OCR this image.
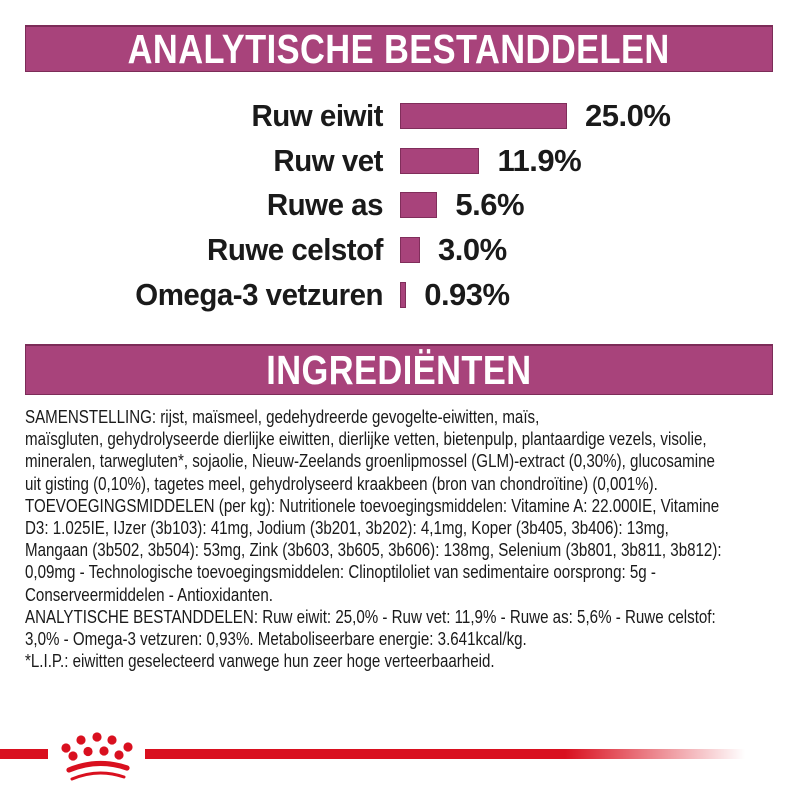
ANALYTISCHE BESTANDDELEN
Ruw eiwit	25.0%
Ruw vet	11.9%
Ruwe as 5.6%
Ruwe celstof 3.0%
Omega-3 vetzuren 0.93%
INGREDIËNTEN
SAMENSTELLING: rijst, maïsmeel, gedehydreerde gevogelte-eiwitten, maïs,
maïsgluten, gehydrolyseerde dierlijke eiwitten, dierlijke vetten, bietenpulp, plantaardige vezels, visolie,
mineralen, tarwegluten*, sojaolie, Nieuw-Zeelands groenlipmossel (GLM)-extract (0,30%), glucosamine
uit gisting (0,10%), tagetes meel, gehydrolyseerd kraakbeen (bron van chondroïtine) (0,001%).
TOEVOEGINGSMIDDELEN (per kg): Nutritionele toevoegingsmiddelen: Vitamine A: 22.000IE, Vitamine
D3: 1.025IE, IJzer (3b103): 41mg, Jodium (3b201, 3b202): 4,1mg, Koper (3b405, 3b406): 13mg,
Mangaan (3b502, 3b504): 53mg, Zink (3b603, 3b605, 3b606): 138mg, Selenium (3b801, 3b811, 3b812):
0,09mg - Technologische toevoegingsmiddelen: Clinoptiloliet van sedimentaire oorsprong: 5g -
Conserveermiddelen - Antioxidanten.
ANALYTISCHE BESTANDDELEN: Ruw eiwit: 25,0% - Ruw vet: 11,9% - Ruwe as: 5,6% - Ruwe celstof:
3,0% - Omega-3 vetzuren: 0,93%. Metaboliseerbare energie: 3.641kcal/kg.
*L.I.P.: eiwitten geselecteerd vanwege hun zeer hoge verteerbaarheid.
